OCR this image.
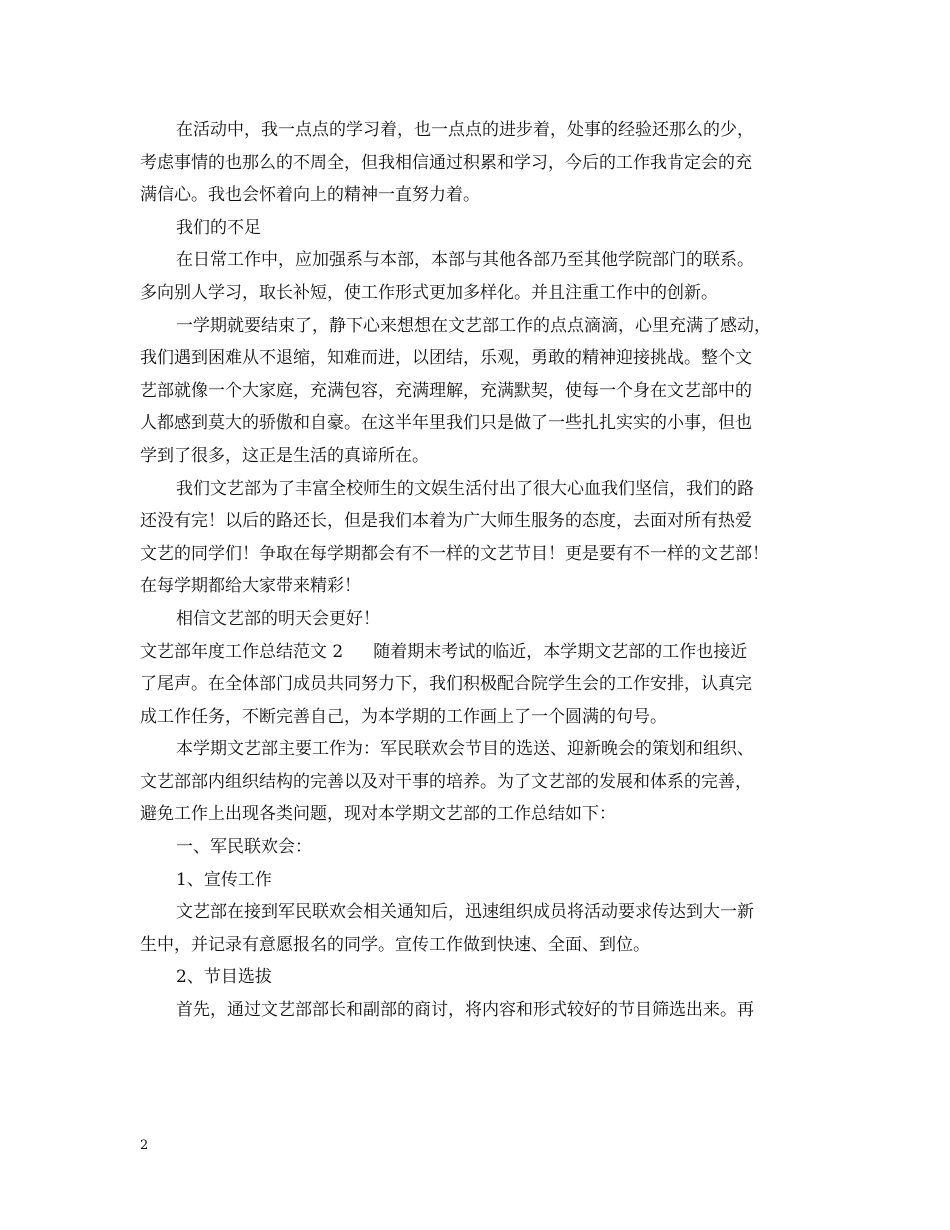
在活动中，我一点点的学习着，也一点点的进步着，处事的经验还那么的少，
考虑事情的也那么的不周全，但我相信通过积累和学习，今后的工作我肯定会的充
满信心。我也会怀着向上的精神一直努力着。
我们的不足
在日常工作中，应加强系与本部，本部与其他各部乃至其他学院部门的联系。
多向别人学习，取长补短，使工作形式更加多样化。并且注重工作中的创新。
一学期就要结束了，静下心来想想在文艺部工作的点点滴滴，心里充满了感动，
我们遇到困难从不退缩，知难而进，以团结，乐观，勇敢的精神迎接挑战。整个文
艺部就像一个大家庭，充满包容，充满理解，充满默契，使每一个身在文艺部中的
人都感到莫大的骄傲和自豪。在这半年里我们只是做了一些扎扎实实的小事，但也
学到了很多，这正是生活的真谛所在。
我们文艺部为了丰富全校师生的文娱生活付出了很大心血我们坚信，我们的路
还没有完！以后的路还长，但是我们本着为广大师生服务的态度，去面对所有热爱
文艺的同学们！争取在每学期都会有不一样的文艺节目！更是要有不一样的文艺部！
在每学期都给大家带来精彩！
相信文艺部的明天会更好！
文艺部年度工作总结范文 2 随着期末考试的临近，本学期文艺部的工作也接近
了尾声。在全体部门成员共同努力下，我们积极配合院学生会的工作安排，认真完
成工作任务，不断完善自己，为本学期的工作画上了一个圆满的句号。
本学期文艺部主要工作为：军民联欢会节目的选送、迎新晚会的策划和组织、
文艺部部内组织结构的完善以及对干事的培养。为了文艺部的发展和体系的完善，
避免工作上出现各类问题，现对本学期文艺部的工作总结如下：
一、军民联欢会：
1、宣传工作
文艺部在接到军民联欢会相关通知后，迅速组织成员将活动要求传达到大一新
生中，并记录有意愿报名的同学。宣传工作做到快速、全面、到位。
2、节目选拔
首先，通过文艺部部长和副部的商讨，将内容和形式较好的节目筛选出来。再
2
